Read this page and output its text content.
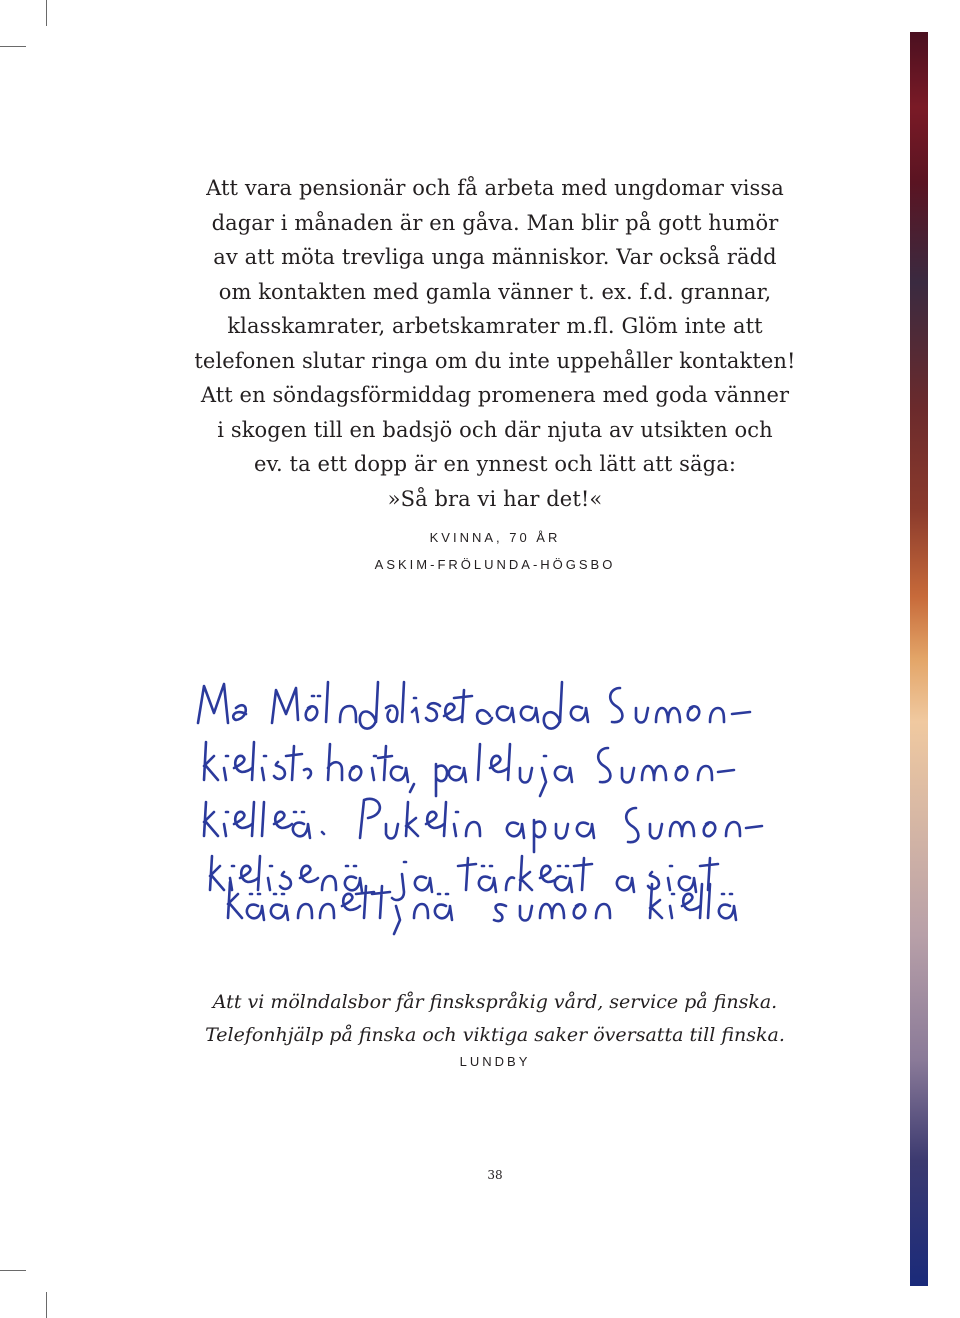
Att vara pensionär och få arbeta med ungdomar vissa
dagar i månaden är en gåva. Man blir på gott humör
av att möta trevliga unga människor. Var också rädd
om kontakten med gamla vänner t. ex. f.d. grannar,
klasskamrater, arbetskamrater m.fl. Glöm inte att
telefonen slutar ringa om du inte uppehåller kontakten!
Att en söndagsförmiddag promenera med goda vänner
i skogen till en badsjö och där njuta av utsikten och
ev. ta ett dopp är en ynnest och lätt att säga:
»Så bra vi har det!«
KVINNA, 70 ÅR
ASKIM-FRÖLUNDA-HÖGSBO
Att vi mölndalsbor får finskspråkig vård, service på finska.
Telefonhjälp på finska och viktiga saker översatta till finska.
LUNDBY
38
